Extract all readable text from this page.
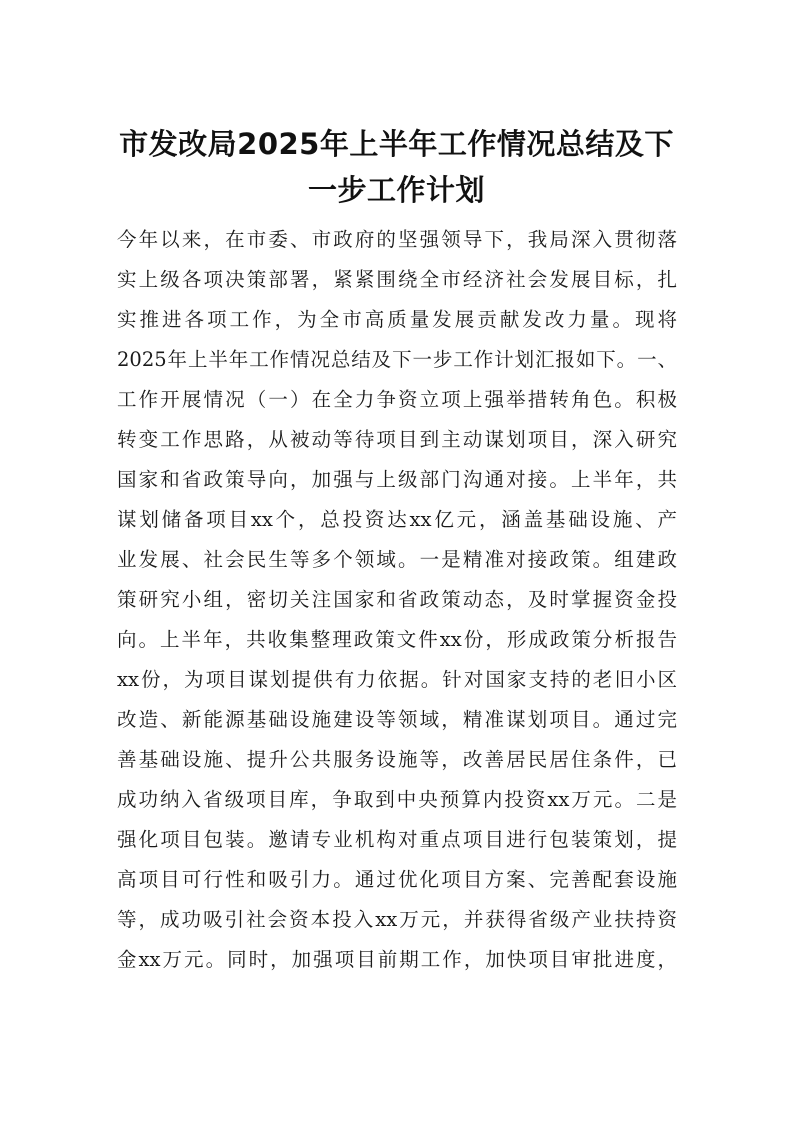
市发改局2025年上半年工作情况总结及下
一步工作计划
今年以来，在市委、市政府的坚强领导下，我局深入贯彻落
实上级各项决策部署，紧紧围绕全市经济社会发展目标，扎
实推进各项工作，为全市高质量发展贡献发改力量。现将
2025年上半年工作情况总结及下一步工作计划汇报如下。一、
工作开展情况（一）在全力争资立项上强举措转角色。积极
转变工作思路，从被动等待项目到主动谋划项目，深入研究
国家和省政策导向，加强与上级部门沟通对接。上半年，共
谋划储备项目xx个，总投资达xx亿元，涵盖基础设施、产
业发展、社会民生等多个领域。一是精准对接政策。组建政
策研究小组，密切关注国家和省政策动态，及时掌握资金投
向。上半年，共收集整理政策文件xx份，形成政策分析报告
xx份，为项目谋划提供有力依据。针对国家支持的老旧小区
改造、新能源基础设施建设等领域，精准谋划项目。通过完
善基础设施、提升公共服务设施等，改善居民居住条件，已
成功纳入省级项目库，争取到中央预算内投资xx万元。二是
强化项目包装。邀请专业机构对重点项目进行包装策划，提
高项目可行性和吸引力。通过优化项目方案、完善配套设施
等，成功吸引社会资本投入xx万元，并获得省级产业扶持资
金xx万元。同时，加强项目前期工作，加快项目审批进度，
